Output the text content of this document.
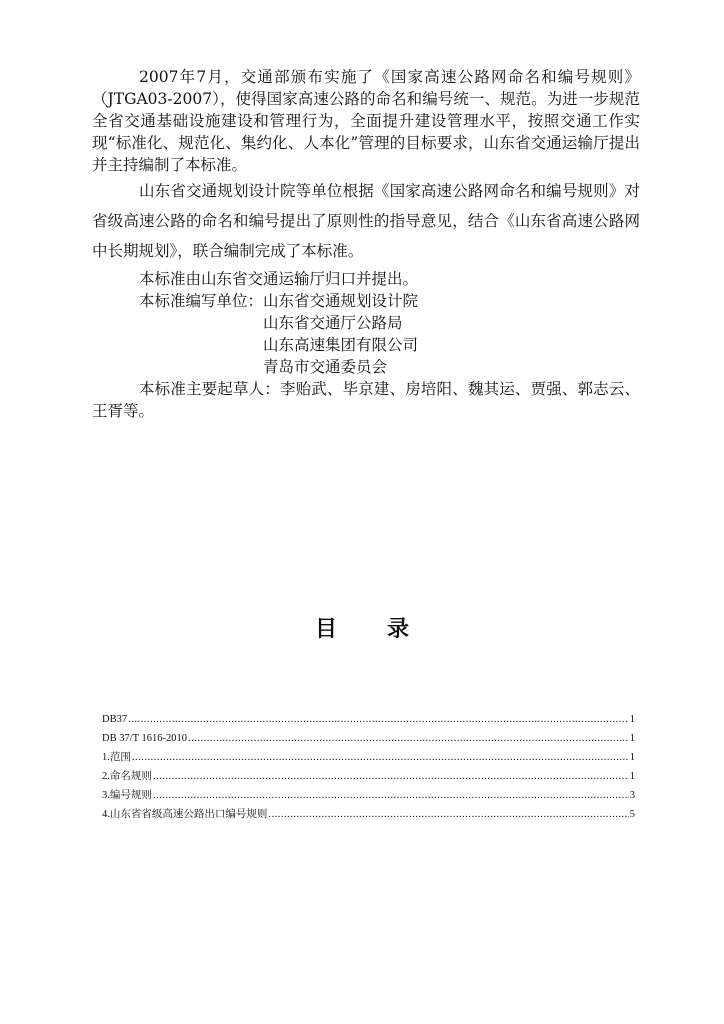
2007年7月，交通部颁布实施了《国家高速公路网命名和编号规则》（JTGA03-2007），使得国家高速公路的命名和编号统一、规范。为进一步规范全省交通基础设施建设和管理行为，全面提升建设管理水平，按照交通工作实现“标准化、规范化、集约化、人本化”管理的目标要求，山东省交通运输厅提出并主持编制了本标准。

山东省交通规划设计院等单位根据《国家高速公路网命名和编号规则》对省级高速公路的命名和编号提出了原则性的指导意见，结合《山东省高速公路网中长期规划》，联合编制完成了本标准。

本标准由山东省交通运输厅归口并提出。
本标准编写单位： 山东省交通规划设计院
山东省交通厅公路局
山东高速集团有限公司
青岛市交通委员会

本标准主要起草人：李贻武、毕京建、房培阳、魏其运、贾强、郭志云、王胥等。

目录
DB37 .....	1
DB 37/T 1616-2010 .....	1
1.范围 .....	1
2.命名规则 .....	1
3.编号规则 .....	3
4.山东省省级高速公路出口编号规则 .....	5
